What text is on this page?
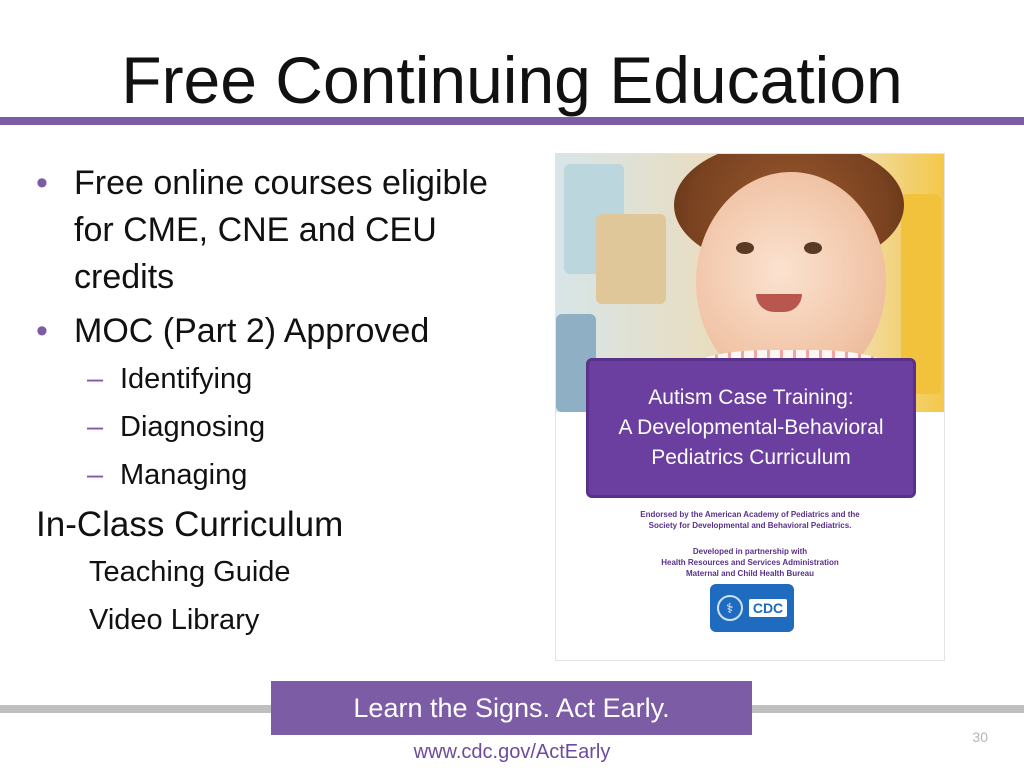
Free Continuing Education
• Free online courses eligible for CME, CNE and CEU credits
• MOC (Part 2) Approved
– Identifying
– Diagnosing
– Managing
In-Class Curriculum
Teaching Guide
Video Library
Autism Case Training:
A Developmental-Behavioral
Pediatrics Curriculum
Endorsed by the American Academy of Pediatrics and the
Society for Developmental and Behavioral Pediatrics.
Developed in partnership with
Health Resources and Services Administration
Maternal and Child Health Bureau
⚕	CDC
Learn the Signs. Act Early.
www.cdc.gov/ActEarly
30
